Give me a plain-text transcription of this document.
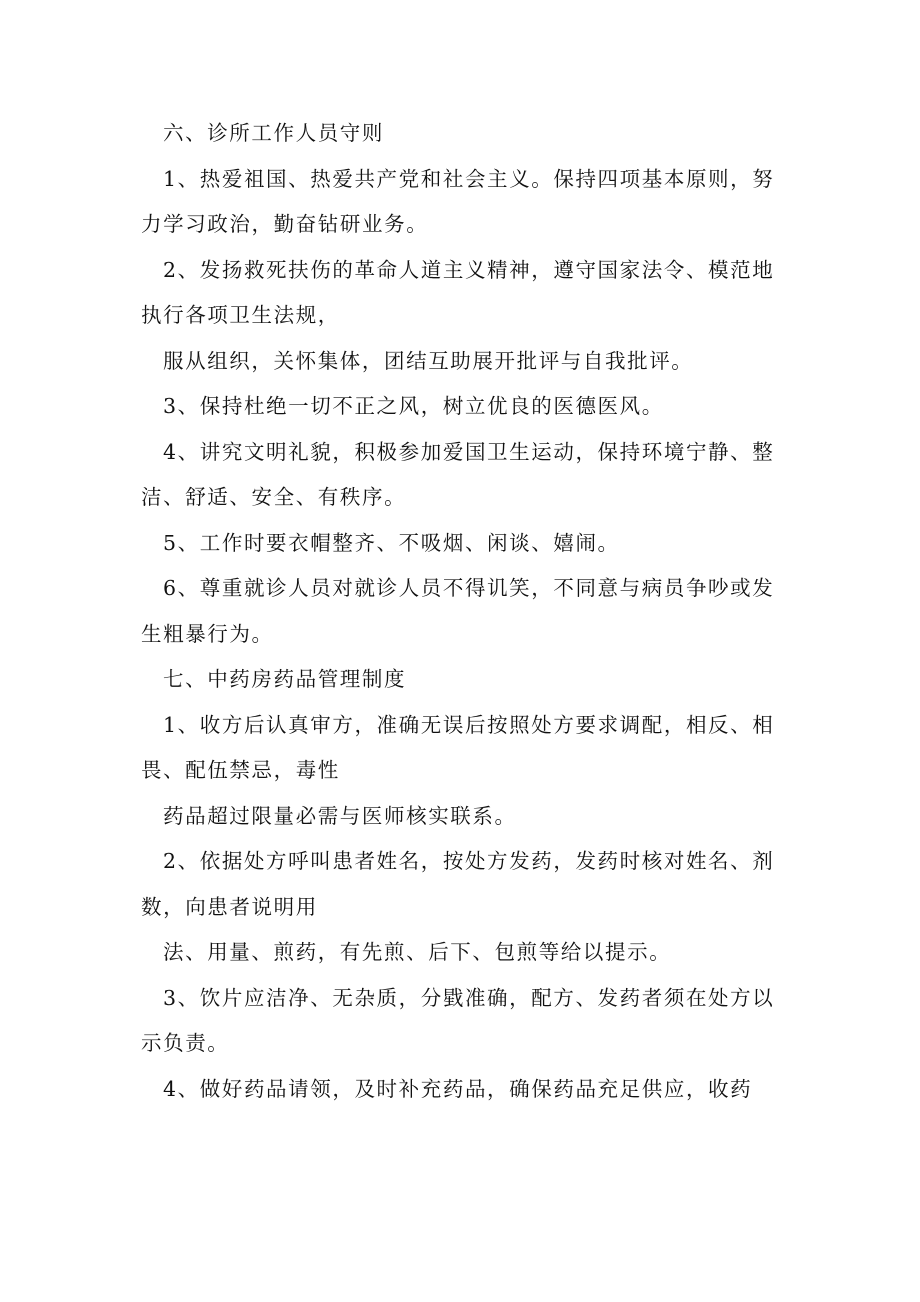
六、诊所工作人员守则

1、热爱祖国、热爱共产党和社会主义。保持四项基本原则，努力学习政治，勤奋钻研业务。

2、发扬救死扶伤的革命人道主义精神，遵守国家法令、模范地执行各项卫生法规，

服从组织，关怀集体，团结互助展开批评与自我批评。

3、保持杜绝一切不正之风，树立优良的医德医风。

4、讲究文明礼貌，积极参加爱国卫生运动，保持环境宁静、整洁、舒适、安全、有秩序。

5、工作时要衣帽整齐、不吸烟、闲谈、嬉闹。

6、尊重就诊人员对就诊人员不得讥笑，不同意与病员争吵或发生粗暴行为。

七、中药房药品管理制度

1、收方后认真审方，准确无误后按照处方要求调配，相反、相畏、配伍禁忌，毒性

药品超过限量必需与医师核实联系。

2、依据处方呼叫患者姓名，按处方发药，发药时核对姓名、剂数，向患者说明用

法、用量、煎药，有先煎、后下、包煎等给以提示。

3、饮片应洁净、无杂质，分戥准确，配方、发药者须在处方以示负责。

4、做好药品请领，及时补充药品，确保药品充足供应，收药
